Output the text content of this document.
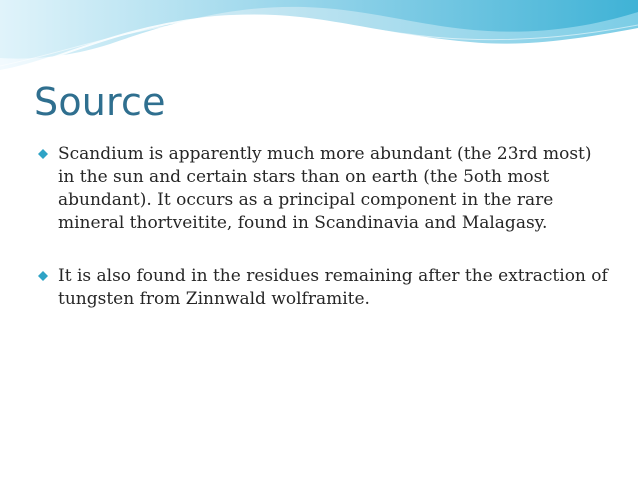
Source
Scandium is apparently much more abundant (the 23rd most) in the sun and certain stars than on earth (the 5oth most abundant). It occurs as a principal component in the rare mineral thortveitite, found in Scandinavia and Malagasy.
It is also found in the residues remaining after the extraction of tungsten from Zinnwald wolframite.
